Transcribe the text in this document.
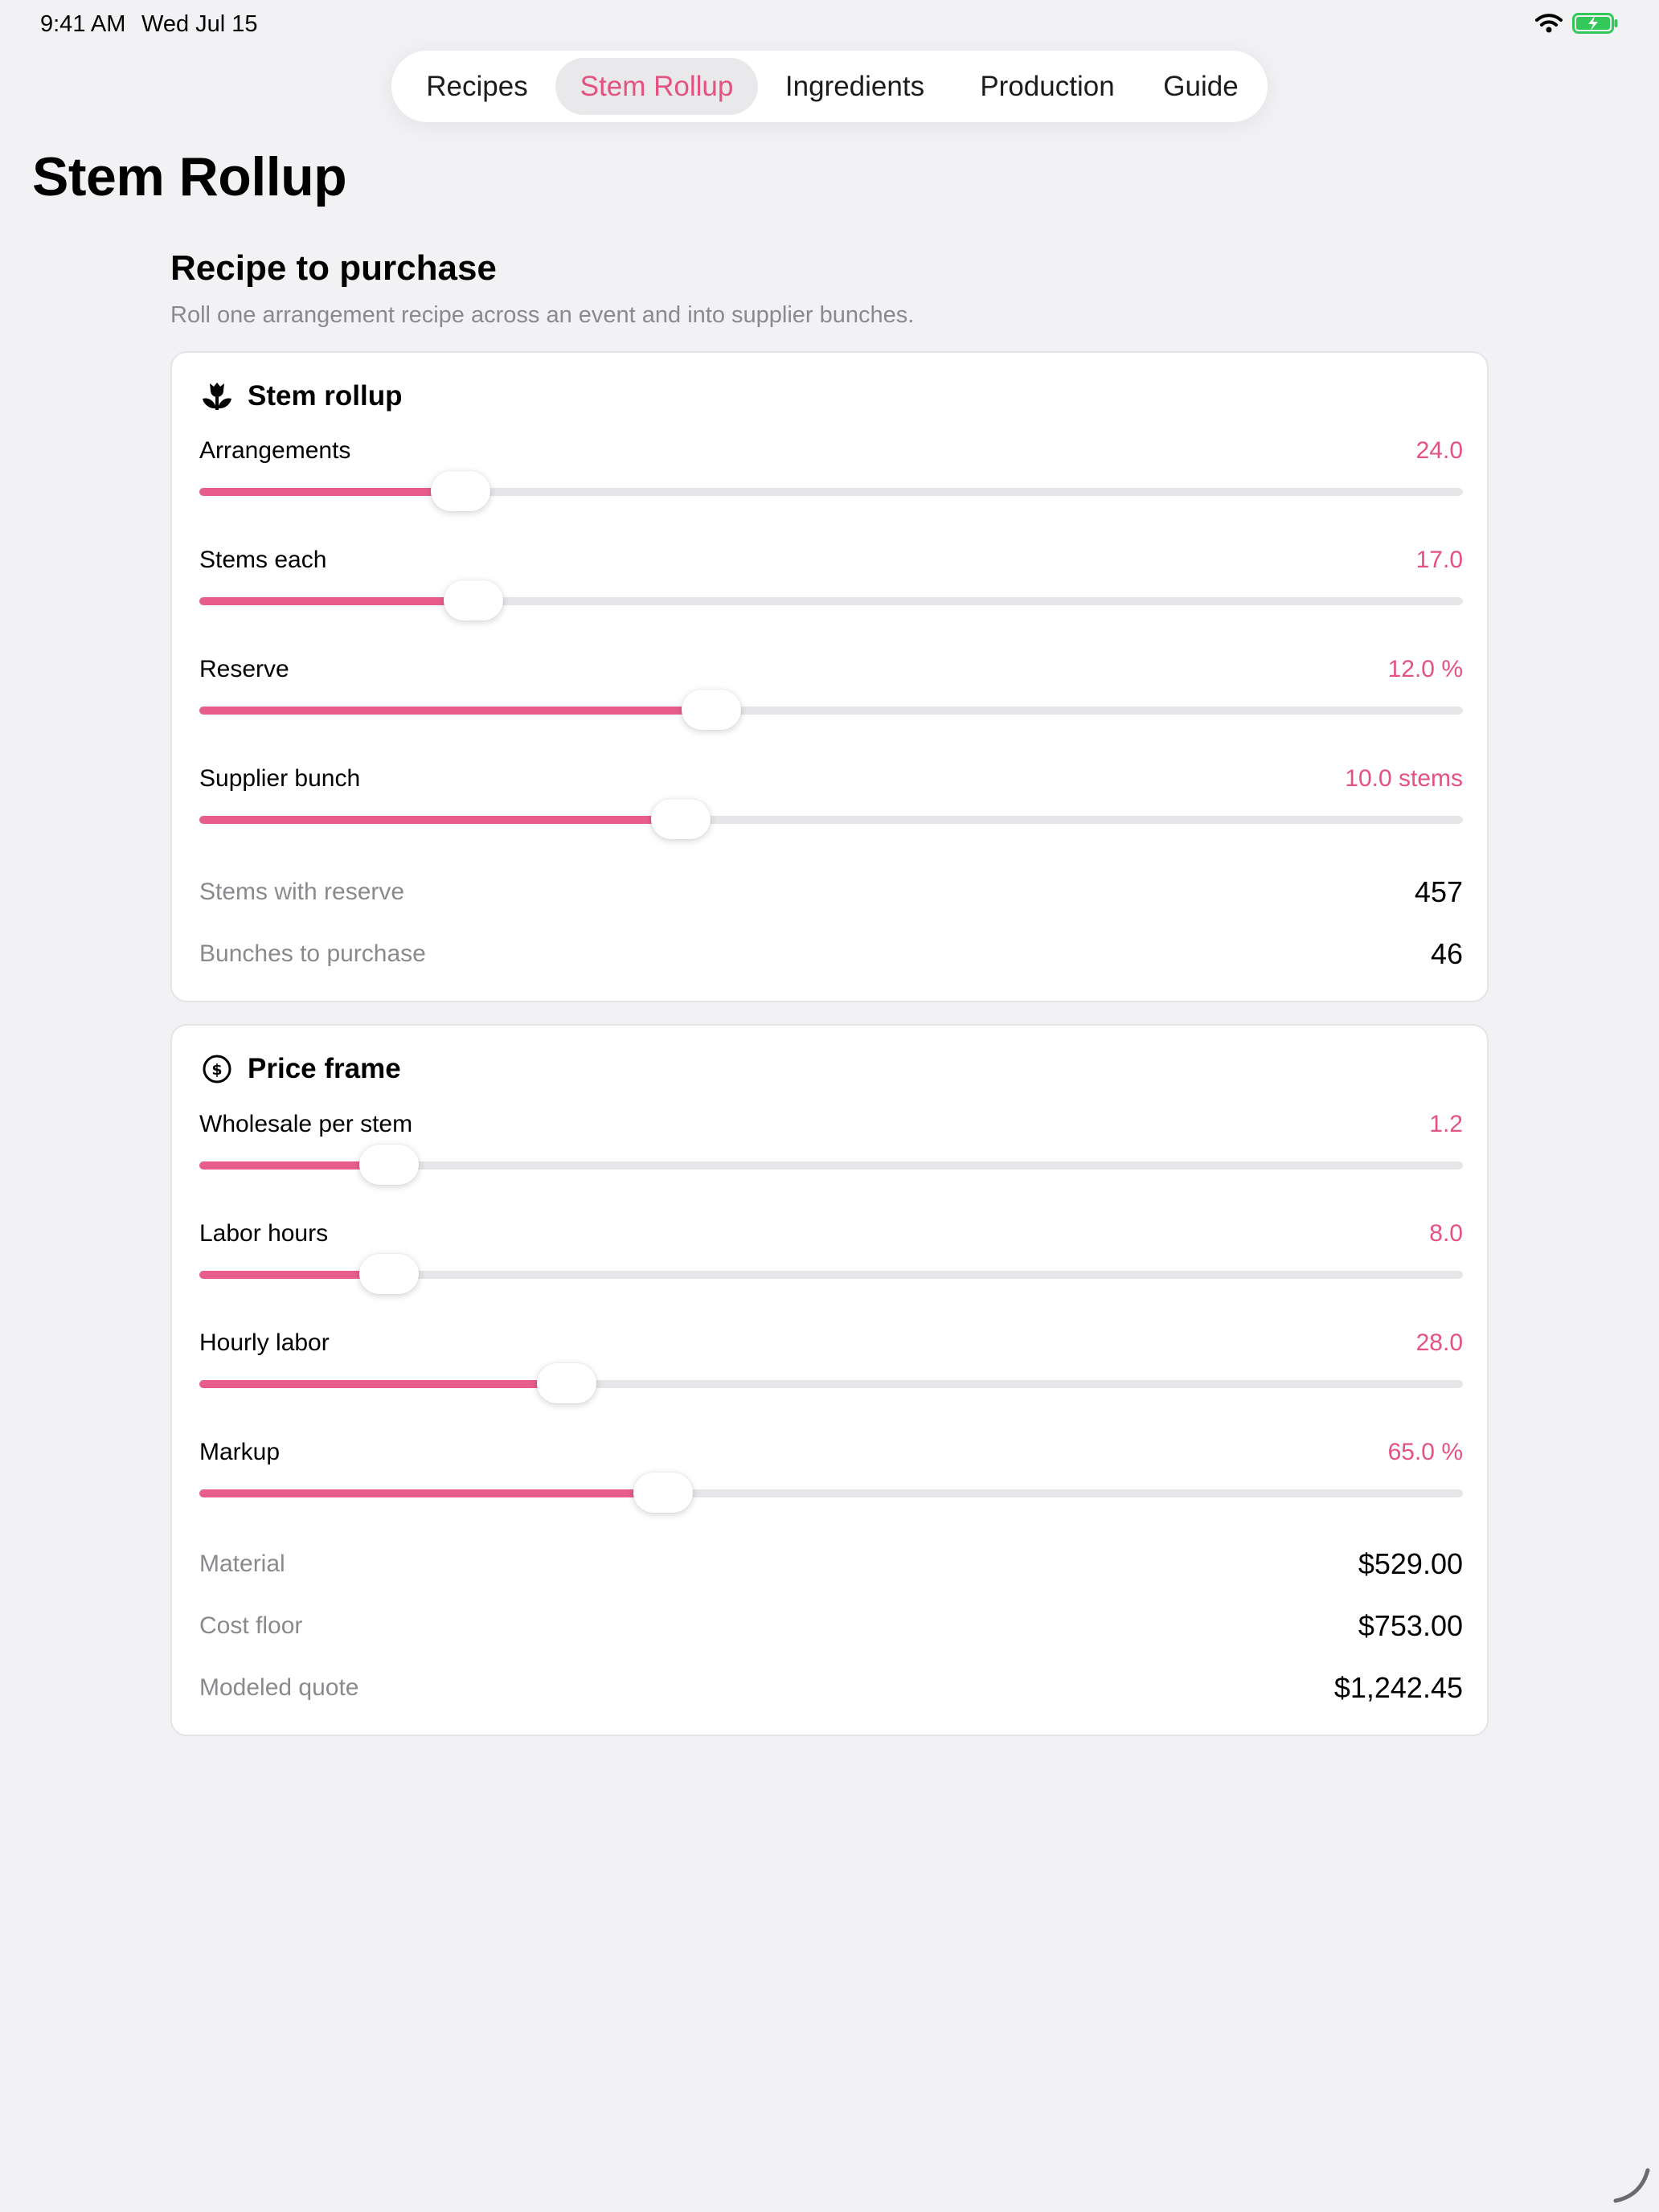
9:41 AM Wed Jul 15
Recipes	Stem Rollup	Ingredients	Production	Guide
Stem Rollup
Recipe to purchase

Roll one arrangement recipe across an event and into supplier bunches.

Stem rollup
Arrangements	24.0
Stems each	17.0
Reserve	12.0 %
Supplier bunch	10.0 stems
Stems with reserve	457
Bunches to purchase	46
$ Price frame
Wholesale per stem	1.2
Labor hours	8.0
Hourly labor	28.0
Markup	65.0 %
Material	$529.00
Cost floor	$753.00
Modeled quote	$1,242.45
